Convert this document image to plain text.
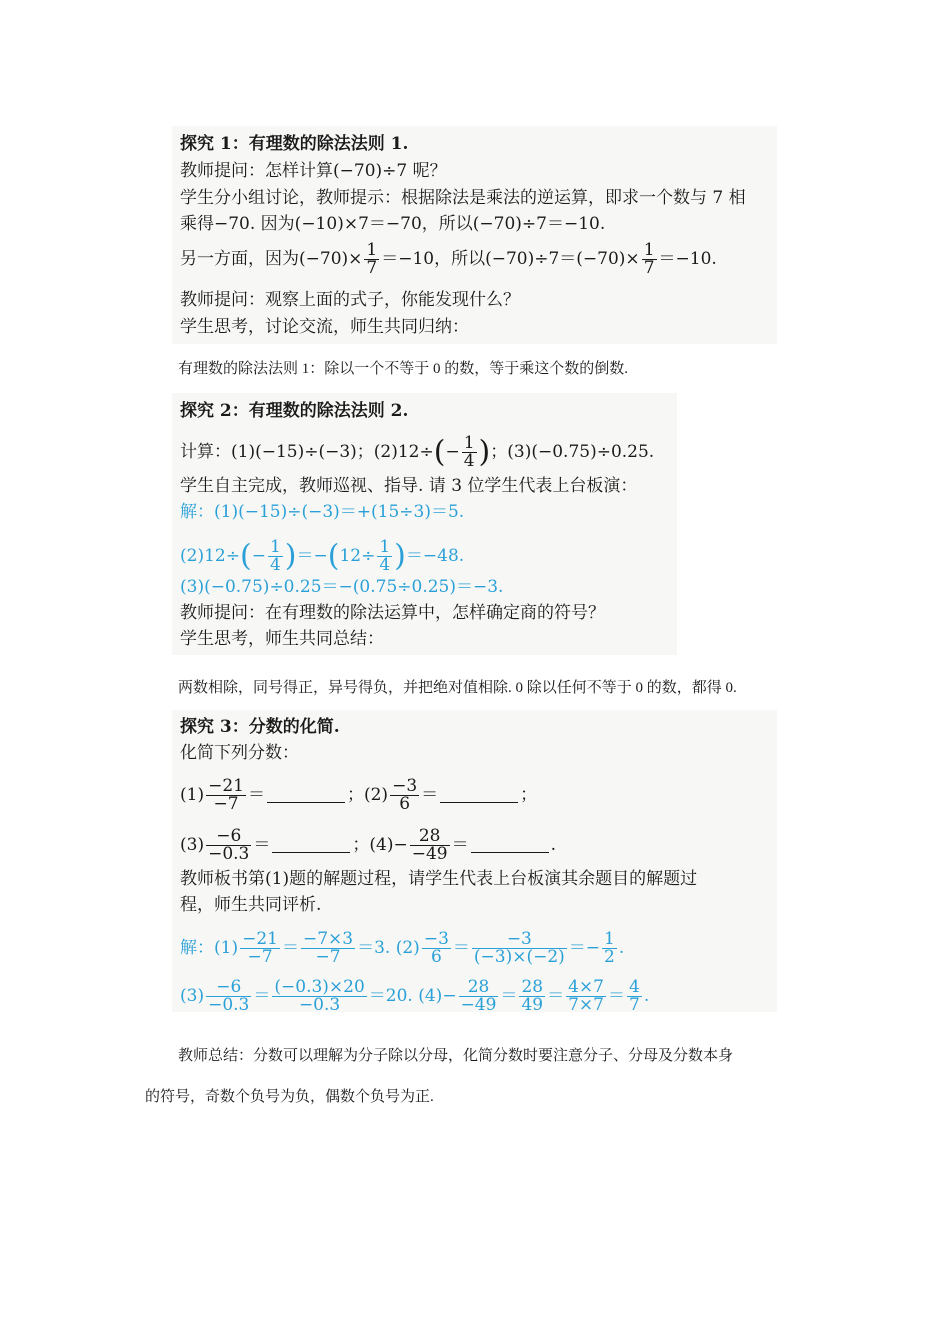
探究 1：有理数的除法法则 1.
教师提问：怎样计算(−70)÷7 呢？
学生分小组讨论，教师提示：根据除法是乘法的逆运算，即求一个数与 7 相
乘得−70. 因为(−10)×7＝−70，所以(−70)÷7＝−10.
另一方面，因为$(-70)\times \frac{1}{7} =-10$，所以$(-70)\div 7=(-70)\times \frac{1}{7} =-10$.
教师提问：观察上面的式子，你能发现什么？
学生思考，讨论交流，师生共同归纳：
有理数的除法法则 1：除以一个不等于 0 的数，等于乘这个数的倒数.
探究 2：有理数的除法法则 2.
计算：(1)(−15)÷(−3)；$(2)12\div(- \frac{1}{4}$ )；(3)(−0.75)÷0.25.
学生自主完成，教师巡视、指导. 请 3 位学生代表上台板演：
解：(1)(−15)÷(−3)＝+(15÷3)＝5.
$(2)12\div(- \frac{1}{4} )=-(12\div \frac{1}{4} )=-48$.
(3)(−0.75)÷0.25＝−(0.75÷0.25)＝−3.
教师提问：在有理数的除法运算中，怎样确定商的符号？
学生思考，师生共同总结：
两数相除，同号得正，异号得负，并把绝对值相除. 0 除以任何不等于 0 的数，都得 0.
探究 3：分数的化简.
化简下列分数：
$(1) \frac{-21}{-7}$ ＝	；$(2) \frac{-3}{6}$ ＝	；
$(3) \frac{-6}{-0.3}$ ＝	；$(4)- \frac{28}{-49}$ ＝	.
教师板书第(1)题的解题过程，请学生代表上台板演其余题目的解题过
程，师生共同评析.
解：$(1) \frac{-21}{-7} = \frac{-7\times 3}{-7} =3$. $(2) \frac{-3}{6} = \frac{-3}{(-3)\times(-2)} =- \frac{1}{2}$ .
$(3) \frac{-6}{-0.3} = \frac{(-0.3)\times 20}{-0.3} =20$. $(4)- \frac{28}{-49} = \frac{28}{49} = \frac{4\times 7}{7\times 7} = \frac{4}{7}$ .
教师总结：分数可以理解为分子除以分母，化简分数时要注意分子、分母及分数本身
的符号，奇数个负号为负，偶数个负号为正.
